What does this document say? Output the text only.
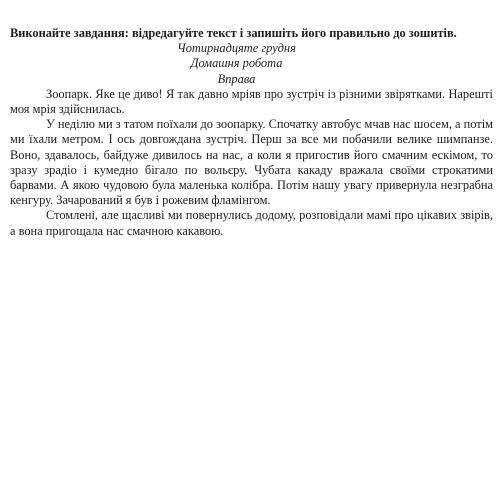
Виконайте завдання: відредагуйте текст і запишіть його правильно до зошитів.

Чотирнадцяте грудня

Домашня робота

Вправа

Зоопарк. Яке це диво! Я так давно мріяв про зустріч із різними звірятками. Нарешті моя мрія здійснилась.

У неділю ми з татом поїхали до зоопарку. Спочатку автобус мчав нас шосем, а потім ми їхали метром. І ось довгождана зустріч. Перш за все ми побачили велике шимпанзе. Воно, здавалось, байдуже дивилось на нас, а коли я пригостив його смачним ескімом, то зразу зрадіо і кумедно бігало по вольєру. Чубата какаду вражала своїми строкатими барвами. А якою чудовою була маленька колібра. Потім нашу увагу привернула незграбна кенгуру. Зачарований я був і рожевим фламінгом.

Стомлені, але щасливі ми повернулись додому, розповідали мамі про цікавих звірів, а вона пригощала нас смачною какавою.
